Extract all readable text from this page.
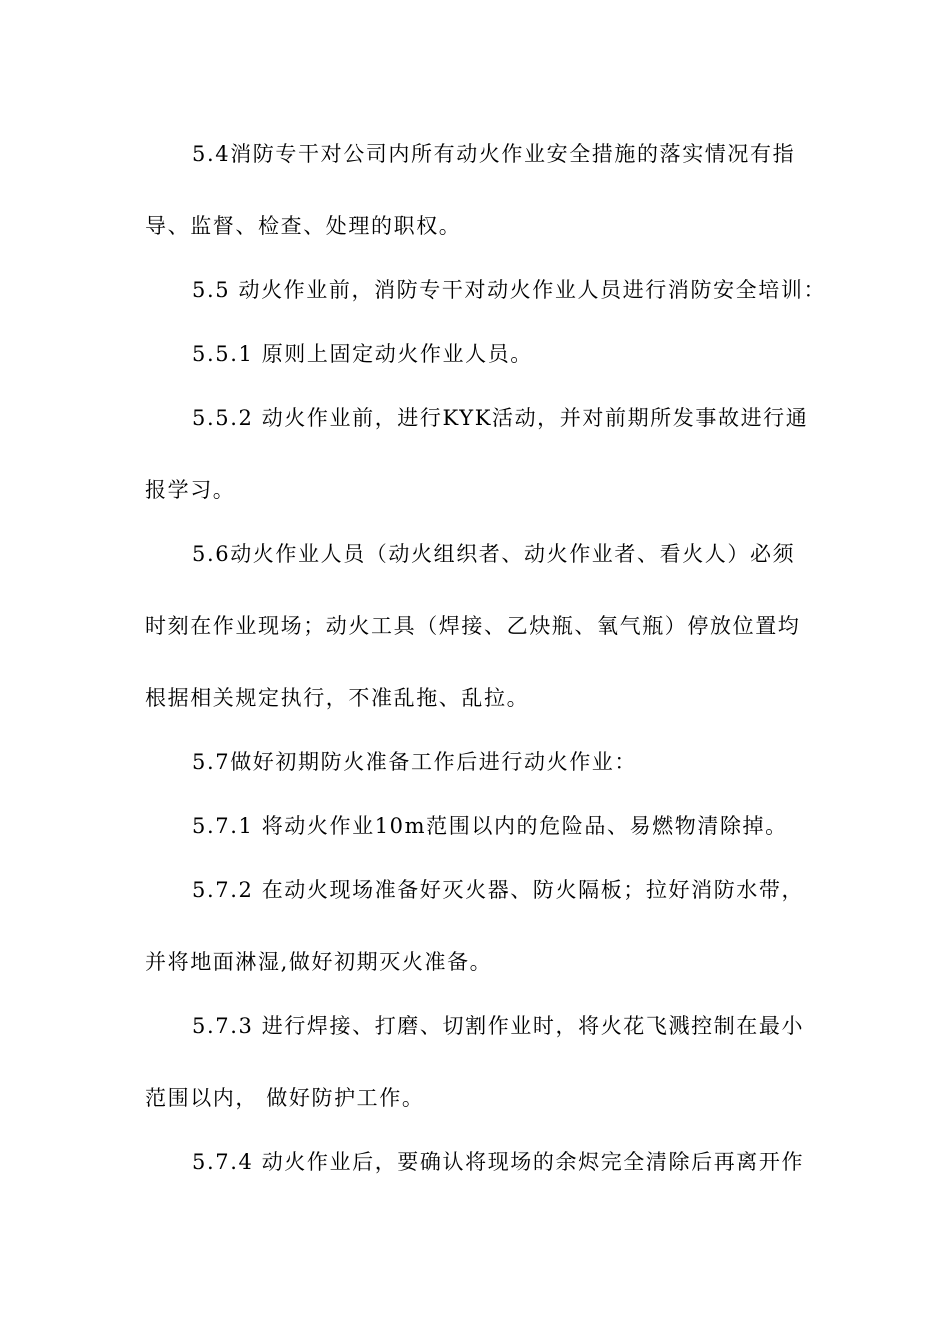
5.4消防专干对公司内所有动火作业安全措施的落实情况有指
导、监督、检查、处理的职权。
5.5 动火作业前，消防专干对动火作业人员进行消防安全培训：
5.5.1 原则上固定动火作业人员。
5.5.2 动火作业前，进行KYK活动，并对前期所发事故进行通
报学习。
5.6动火作业人员（动火组织者、动火作业者、看火人）必须
时刻在作业现场；动火工具（焊接、乙炔瓶、氧气瓶）停放位置均
根据相关规定执行，不准乱拖、乱拉。
5.7做好初期防火准备工作后进行动火作业：
5.7.1 将动火作业10m范围以内的危险品、易燃物清除掉。
5.7.2 在动火现场准备好灭火器、防火隔板；拉好消防水带，
并将地面淋湿,做好初期灭火准备。
5.7.3 进行焊接、打磨、切割作业时，将火花飞溅控制在最小
范围以内， 做好防护工作。
5.7.4 动火作业后，要确认将现场的余烬完全清除后再离开作
